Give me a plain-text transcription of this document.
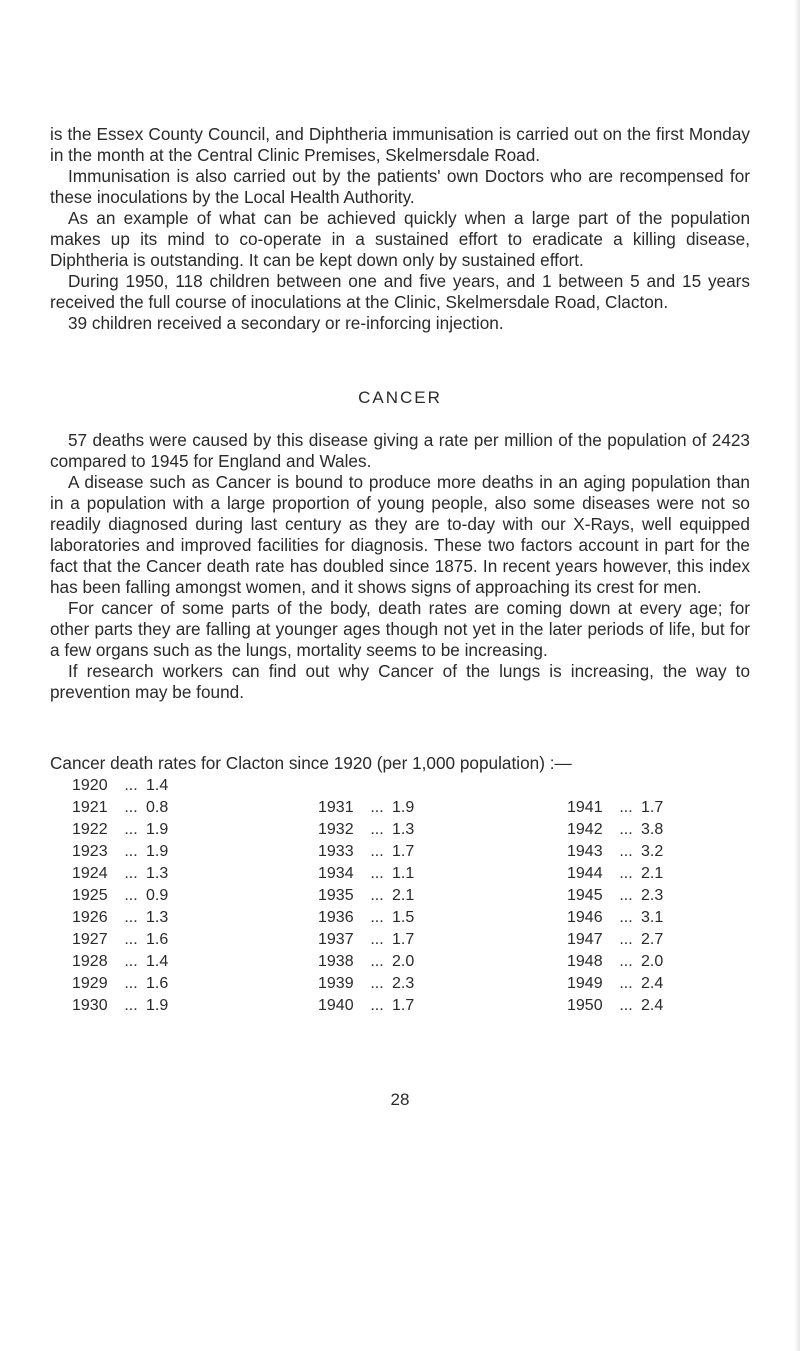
is the Essex County Council, and Diphtheria immunisation is carried out on the first Monday in the month at the Central Clinic Premises, Skelmersdale Road.

Immunisation is also carried out by the patients' own Doctors who are recompensed for these inoculations by the Local Health Authority.

As an example of what can be achieved quickly when a large part of the population makes up its mind to co-operate in a sustained effort to eradicate a killing disease, Diphtheria is outstanding. It can be kept down only by sustained effort.

During 1950, 118 children between one and five years, and 1 between 5 and 15 years received the full course of inoculations at the Clinic, Skelmersdale Road, Clacton.

39 children received a secondary or re-inforcing injection.

CANCER

57 deaths were caused by this disease giving a rate per million of the population of 2423 compared to 1945 for England and Wales.

A disease such as Cancer is bound to produce more deaths in an aging population than in a population with a large proportion of young people, also some diseases were not so readily diagnosed during last century as they are to-day with our X-Rays, well equipped laboratories and improved facilities for diagnosis. These two factors account in part for the fact that the Cancer death rate has doubled since 1875. In recent years however, this index has been falling amongst women, and it shows signs of approaching its crest for men.

For cancer of some parts of the body, death rates are coming down at every age; for other parts they are falling at younger ages though not yet in the later periods of life, but for a few organs such as the lungs, mortality seems to be increasing.

If research workers can find out why Cancer of the lungs is increasing, the way to prevention may be found.

Cancer death rates for Clacton since 1920 (per 1,000 population) :—
1920 ... 1.4
1921 ... 0.8
1922 ... 1.9
1923 ... 1.9
1924 ... 1.3
1925 ... 0.9
1926 ... 1.3
1927 ... 1.6
1928 ... 1.4
1929 ... 1.6
1930 ... 1.9
1931 ... 1.9
1932 ... 1.3
1933 ... 1.7
1934 ... 1.1
1935 ... 2.1
1936 ... 1.5
1937 ... 1.7
1938 ... 2.0
1939 ... 2.3
1940 ... 1.7
1941 ... 1.7
1942 ... 3.8
1943 ... 3.2
1944 ... 2.1
1945 ... 2.3
1946 ... 3.1
1947 ... 2.7
1948 ... 2.0
1949 ... 2.4
1950 ... 2.4
28
